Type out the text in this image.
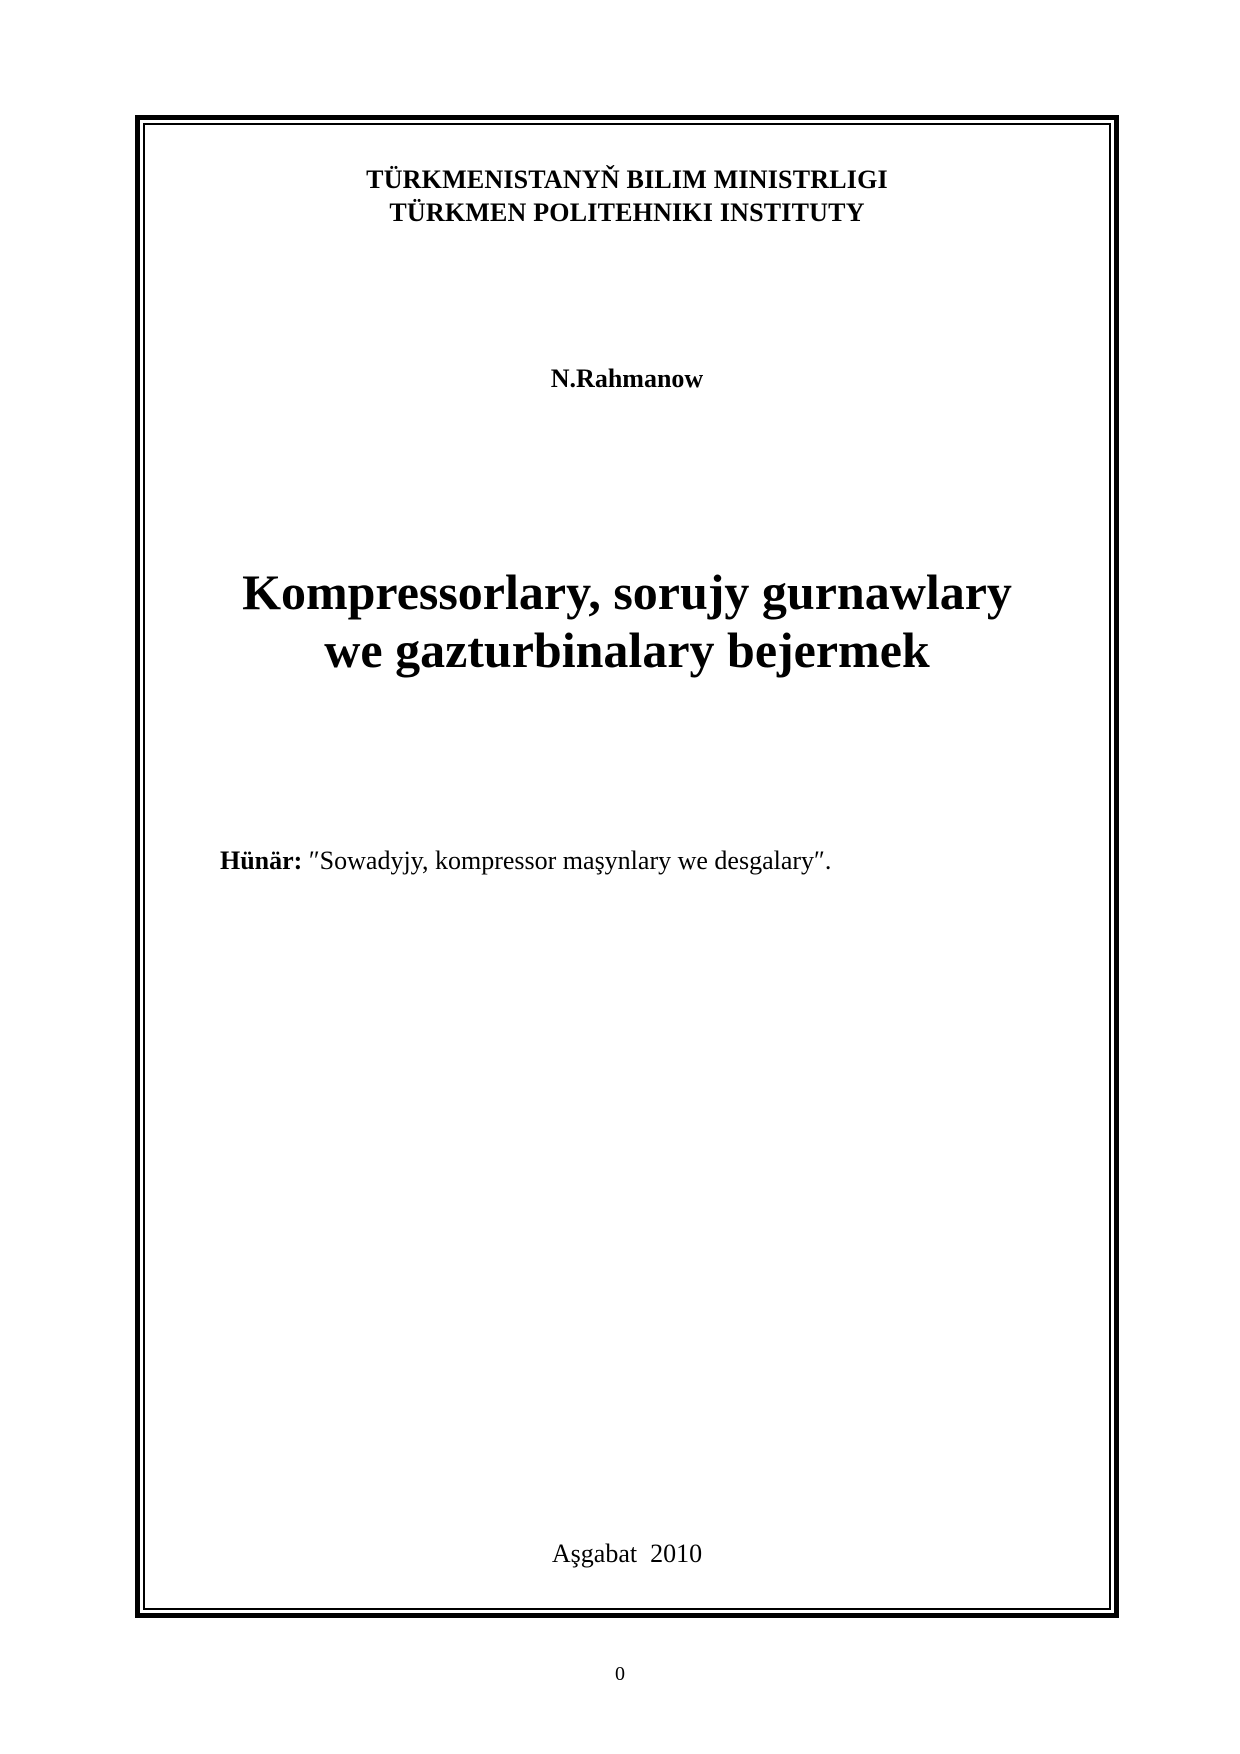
TÜRKMENISTANYŇ BILIM MINISTRLIGI
TÜRKMEN POLITEHNIKI INSTITUTY
N.Rahmanow
Kompressorlary, sorujy gurnawlary
we gazturbinalary bejermek
Hünär: ″Sowadyjy, kompressor maşynlary we desgalary″.
Aşgabat  2010
0
